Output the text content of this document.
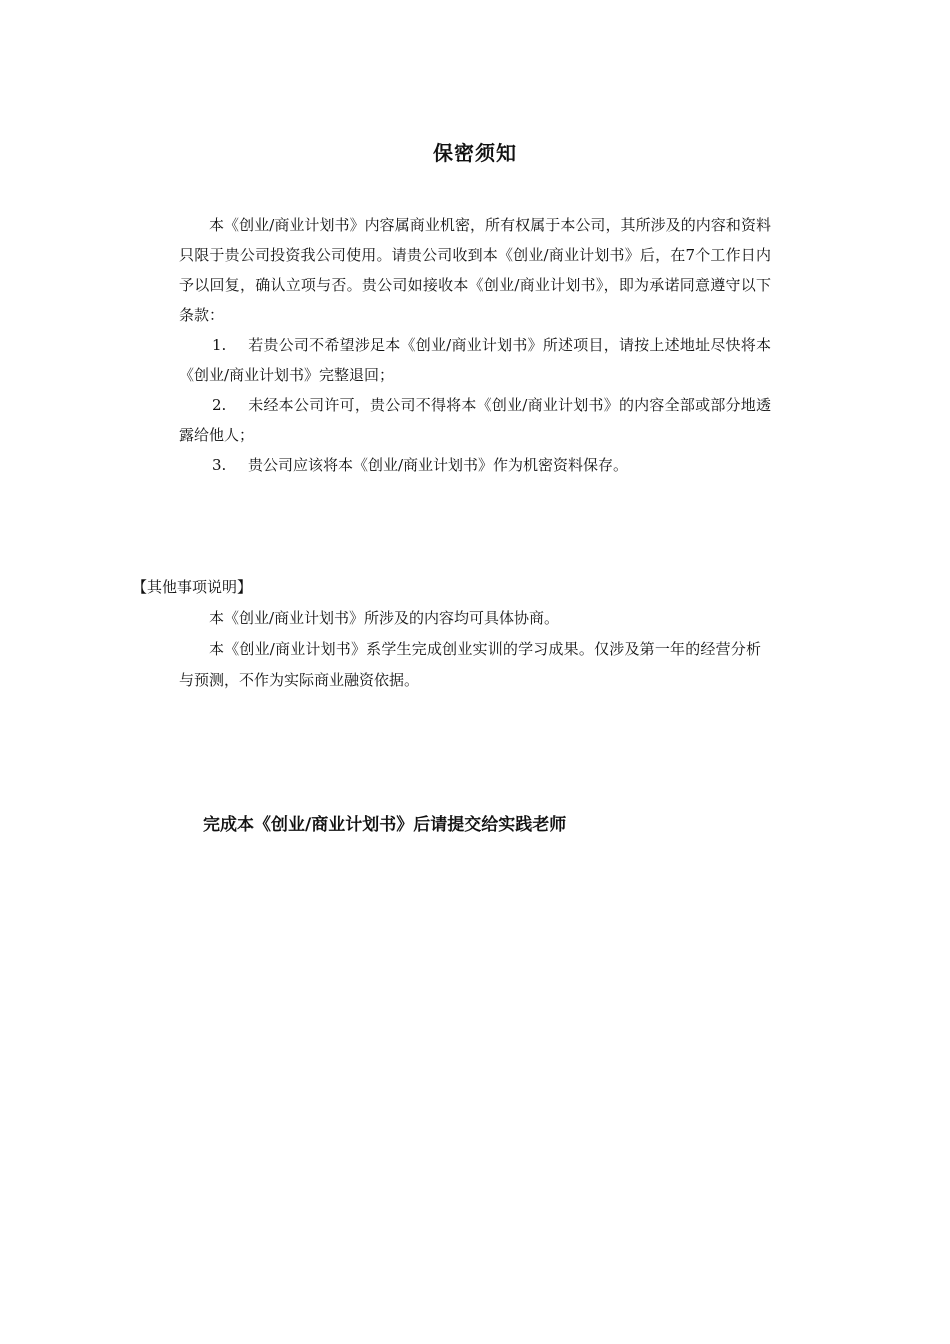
保密须知

本《创业/商业计划书》内容属商业机密，所有权属于本公司，其所涉及的内容和资料只限于贵公司投资我公司使用。请贵公司收到本《创业/商业计划书》后，在7个工作日内予以回复，确认立项与否。贵公司如接收本《创业/商业计划书》，即为承诺同意遵守以下条款：

1. 若贵公司不希望涉足本《创业/商业计划书》所述项目，请按上述地址尽快将本《创业/商业计划书》完整退回；

2. 未经本公司许可，贵公司不得将本《创业/商业计划书》的内容全部或部分地透露给他人；

3. 贵公司应该将本《创业/商业计划书》作为机密资料保存。

【其他事项说明】

本《创业/商业计划书》所涉及的内容均可具体协商。

本《创业/商业计划书》系学生完成创业实训的学习成果。仅涉及第一年的经营分析与预测，不作为实际商业融资依据。

完成本《创业/商业计划书》后请提交给实践老师
